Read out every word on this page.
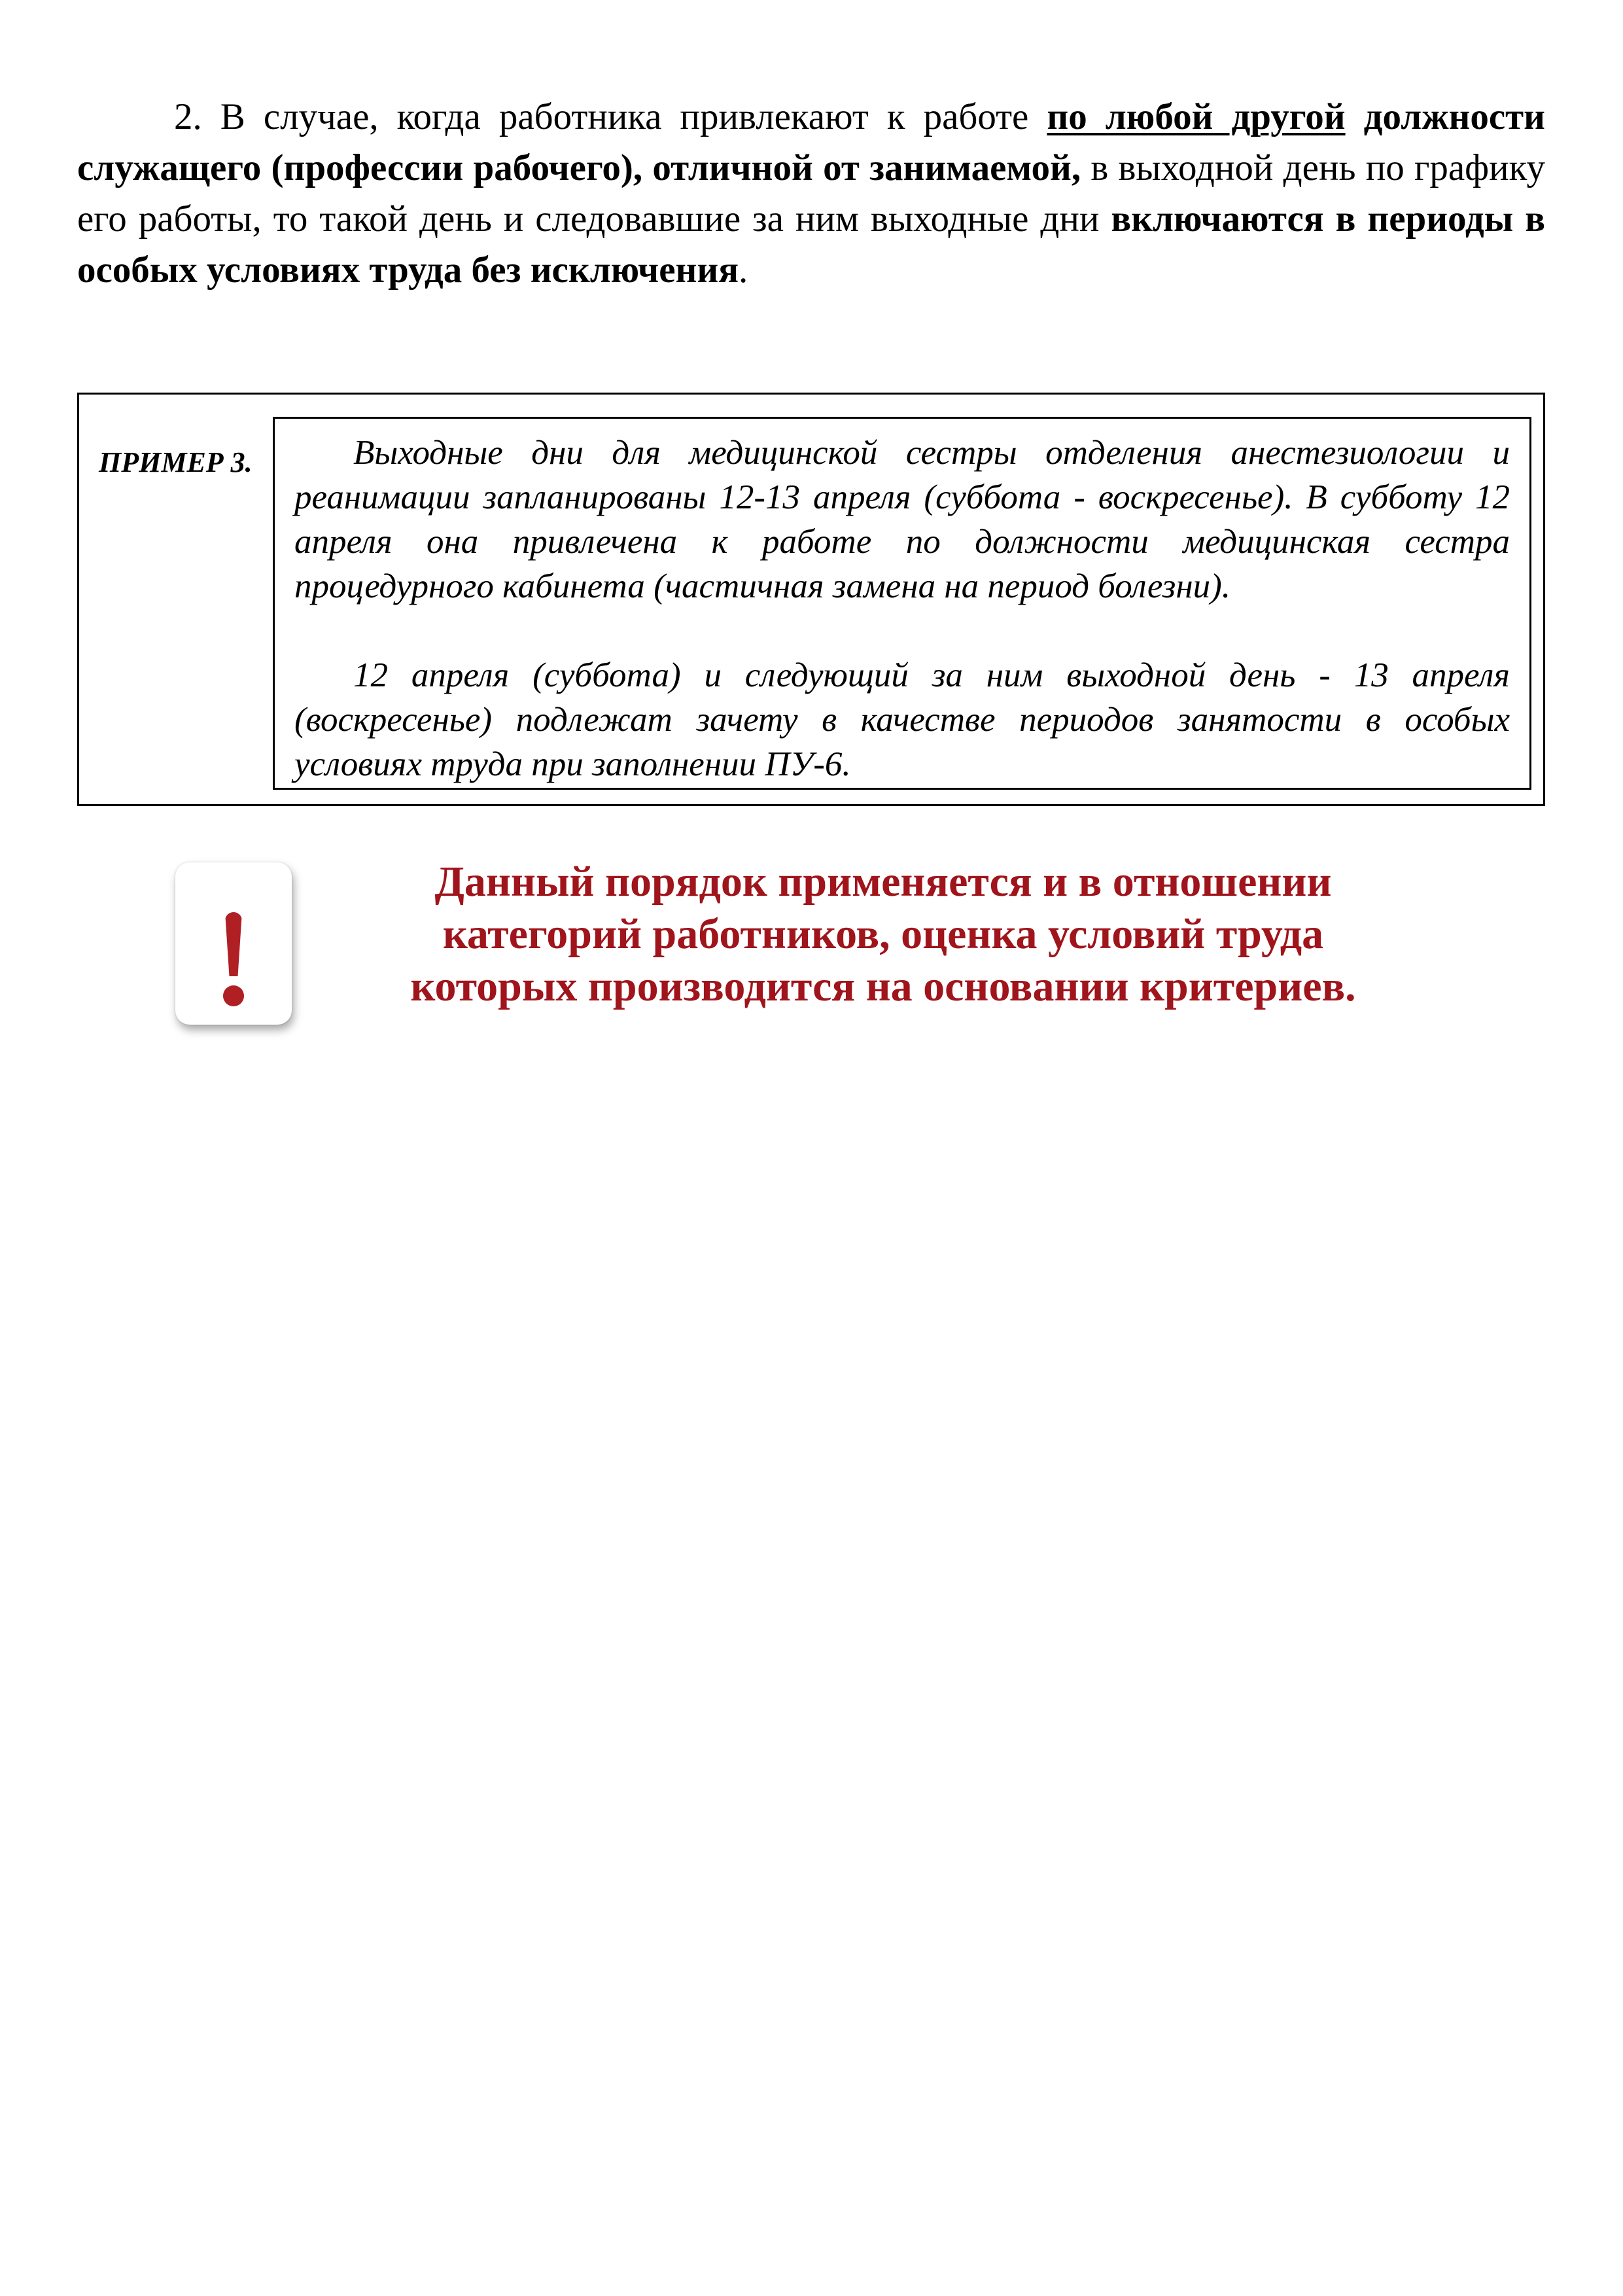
2. В случае, когда работника привлекают к работе по любой другой должности служащего (профессии рабочего), отличной от занимаемой, в выходной день по графику его работы, то такой день и следовавшие за ним выходные дни включаются в периоды в особых условиях труда без исключения.

ПРИМЕР 3.	Выходные дни для медицинской сестры отделения анестезиологии и реанимации запланированы 12-13 апреля (суббота - воскресенье). В субботу 12 апреля она привлечена к работе по должности медицинская сестра процедурного кабинета (частичная замена на период болезни).

12 апреля (суббота) и следующий за ним выходной день - 13 апреля (воскресенье) подлежат зачету в качестве периодов занятости в особых условиях труда при заполнении ПУ-6.

Данный порядок применяется и в отношении
категорий работников, оценка условий труда
которых производится на основании критериев.
